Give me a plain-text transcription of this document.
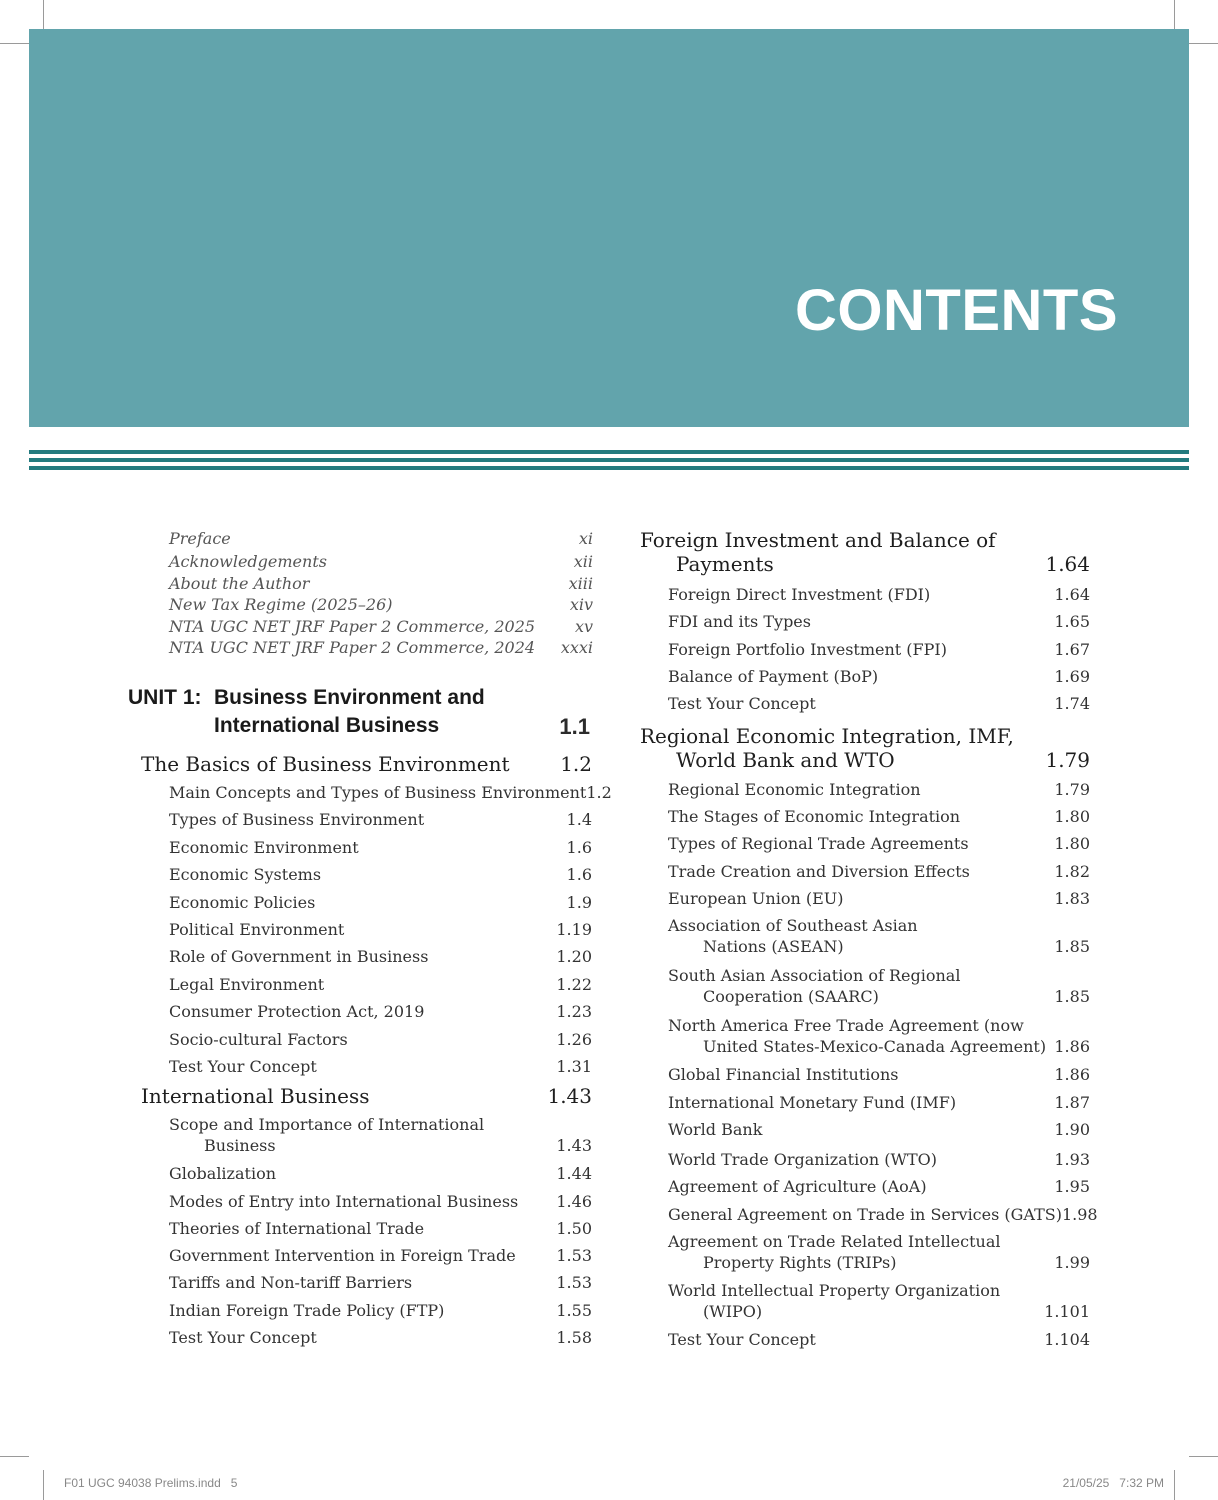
CONTENTS
Preface	xi
Acknowledgements	xii
About the Author	xiii
New Tax Regime (2025–26)	xiv
NTA UGC NET JRF Paper 2 Commerce, 2025 xv
NTA UGC NET JRF Paper 2 Commerce, 2024 xxxi
UNIT 1: Business Environment and
International Business	1.1
The Basics of Business Environment	1.2
Main Concepts and Types of Business Environment 1.2
Types of Business Environment	1.4
Economic Environment	1.6
Economic Systems	1.6
Economic Policies	1.9
Political Environment	1.19
Role of Government in Business	1.20
Legal Environment	1.22
Consumer Protection Act, 2019	1.23
Socio-cultural Factors	1.26
Test Your Concept	1.31
International Business	1.43
Scope and Importance of International
Business	1.43
Globalization	1.44
Modes of Entry into International Business 1.46
Theories of International Trade	1.50
Government Intervention in Foreign Trade	1.53
Tariffs and Non-tariff Barriers	1.53
Indian Foreign Trade Policy (FTP)	1.55
Test Your Concept	1.58
Foreign Investment and Balance of
Payments	1.64
Foreign Direct Investment (FDI)	1.64
FDI and its Types	1.65
Foreign Portfolio Investment (FPI)	1.67
Balance of Payment (BoP)	1.69
Test Your Concept	1.74
Regional Economic Integration, IMF,
World Bank and WTO	1.79
Regional Economic Integration	1.79
The Stages of Economic Integration	1.80
Types of Regional Trade Agreements	1.80
Trade Creation and Diversion Effects	1.82
European Union (EU)	1.83
Association of Southeast Asian
Nations (ASEAN)	1.85
South Asian Association of Regional
Cooperation (SAARC)	1.85
North America Free Trade Agreement (now
United States-Mexico-Canada Agreement) 1.86
Global Financial Institutions	1.86
International Monetary Fund (IMF)	1.87
World Bank	1.90
World Trade Organization (WTO)	1.93
Agreement of Agriculture (AoA)	1.95
General Agreement on Trade in Services (GATS) 1.98
Agreement on Trade Related Intellectual
Property Rights (TRIPs)	1.99
World Intellectual Property Organization
(WIPO)	1.101
Test Your Concept	1.104
F01 UGC 94038 Prelims.indd   5	21/05/25   7:32 PM
